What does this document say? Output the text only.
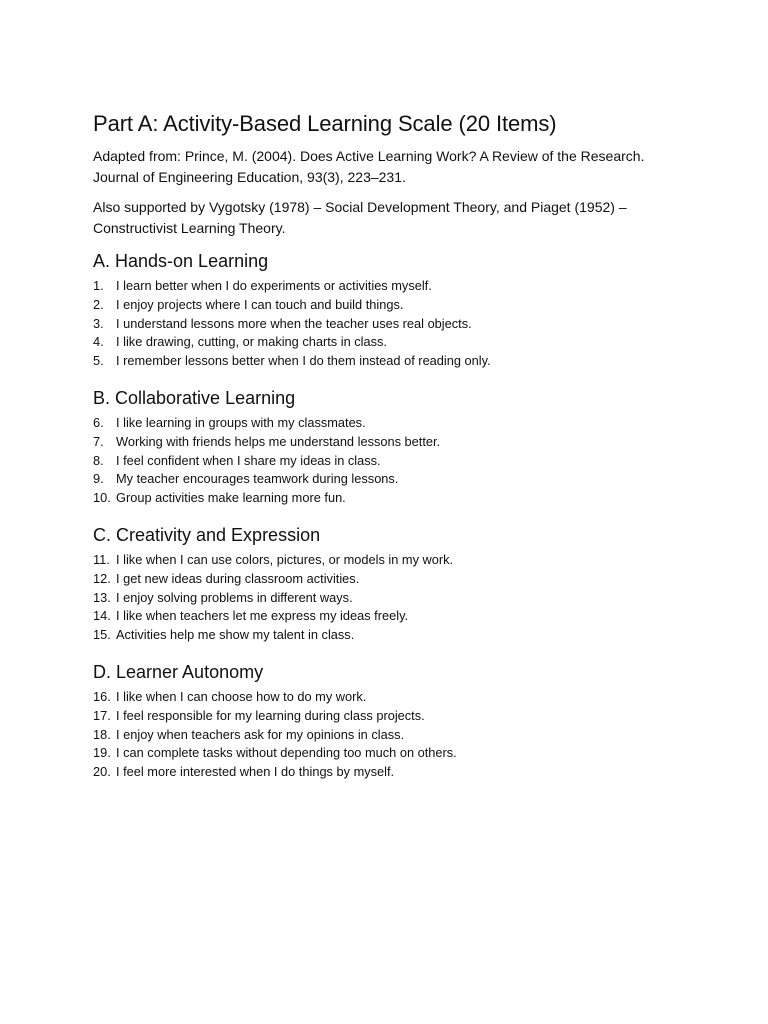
Part A: Activity-Based Learning Scale (20 Items)

Adapted from: Prince, M. (2004). Does Active Learning Work? A Review of the Research. Journal of Engineering Education, 93(3), 223–231.

Also supported by Vygotsky (1978) – Social Development Theory, and Piaget (1952) – Constructivist Learning Theory.

A. Hands-on Learning
1. I learn better when I do experiments or activities myself.
2. I enjoy projects where I can touch and build things.
3. I understand lessons more when the teacher uses real objects.
4. I like drawing, cutting, or making charts in class.
5. I remember lessons better when I do them instead of reading only.
B. Collaborative Learning
6. I like learning in groups with my classmates.
7. Working with friends helps me understand lessons better.
8. I feel confident when I share my ideas in class.
9. My teacher encourages teamwork during lessons.
10. Group activities make learning more fun.
C. Creativity and Expression
11. I like when I can use colors, pictures, or models in my work.
12. I get new ideas during classroom activities.
13. I enjoy solving problems in different ways.
14. I like when teachers let me express my ideas freely.
15. Activities help me show my talent in class.
D. Learner Autonomy
16. I like when I can choose how to do my work.
17. I feel responsible for my learning during class projects.
18. I enjoy when teachers ask for my opinions in class.
19. I can complete tasks without depending too much on others.
20. I feel more interested when I do things by myself.
